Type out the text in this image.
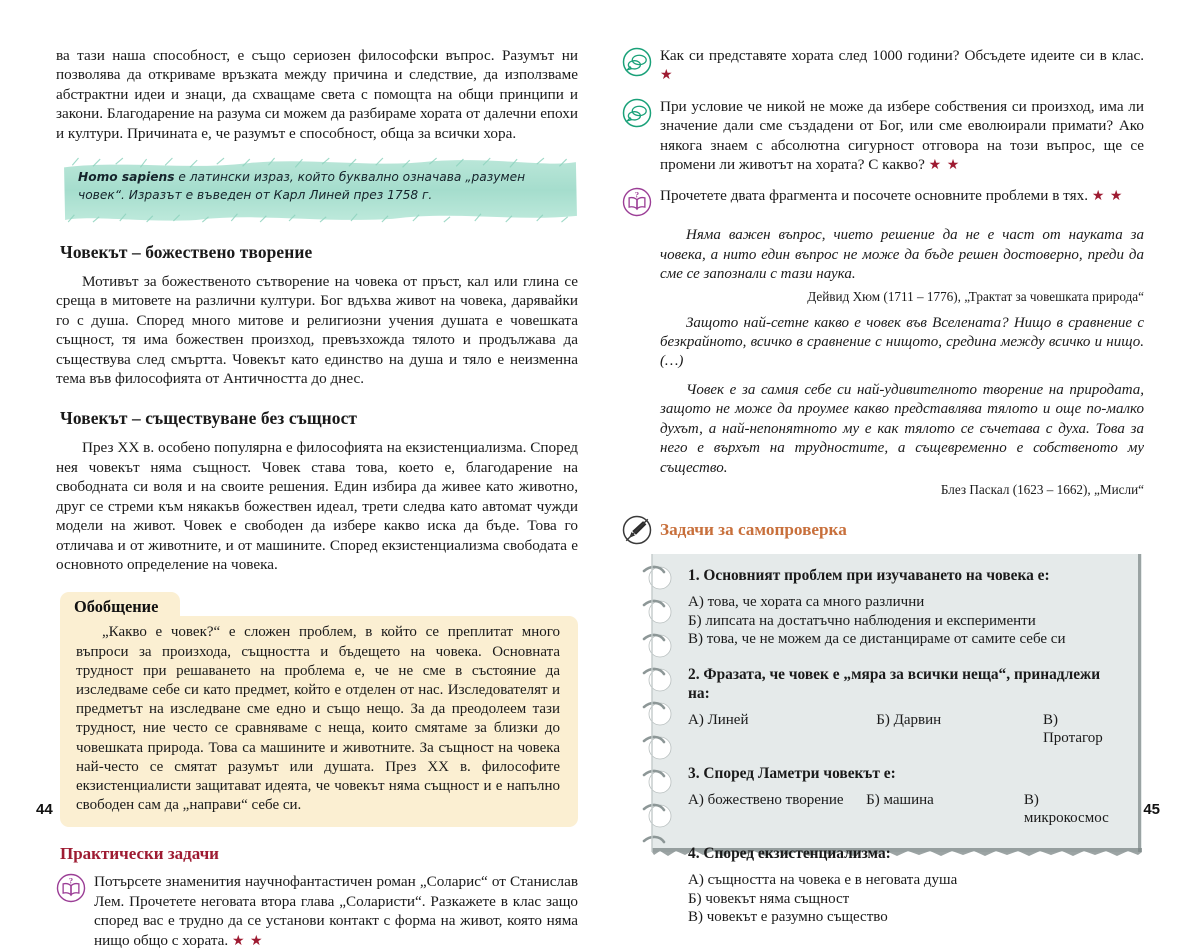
ва тази наша способност, е също сериозен философски въпрос. Разумът ни позволява да откриваме връзката между причина и следствие, да използваме абстрактни идеи и знаци, да схващаме света с помощта на общи принципи и закони. Благодарение на разума си можем да разбираме хората от далечни епохи и култури. Причината е, че разумът е способност, обща за всички хора.

Homo sapiens е латински израз, който буквално означава „разумен човек“. Изразът е въведен от Карл Линей през 1758 г.
Човекът – божествено творение

Мотивът за божественото сътворение на човека от пръст, кал или глина се среща в митовете на различни култури. Бог вдъхва живот на човека, дарявайки го с душа. Според много митове и религиозни учения душата е човешката същност, тя има божествен произход, превъзхожда тялото и продължава да съществува след смъртта. Човекът като единство на душа и тяло е неизменна тема във философията от Античността до днес.

Човекът – съществуване без същност

През XX в. особено популярна е философията на екзистенциализма. Според нея човекът няма същност. Човек става това, което е, благодарение на свободната си воля и на своите решения. Един избира да живее като животно, друг се стреми към някакъв божествен идеал, трети следва като автомат чужди модели на живот. Човек е свободен да избере какво иска да бъде. Това го отличава и от животните, и от машините. Според екзистенциализма свободата е основното определение на човека.

Обобщение

„Какво е човек?“ е сложен проблем, в който се преплитат много въпроси за произхода, същността и бъдещето на човека. Основната трудност при решаването на проблема е, че не сме в състояние да изследваме себе си като предмет, който е отделен от нас. Изследователят и предметът на изследване сме едно и също нещо. За да преодолеем тази трудност, ние често се сравняваме с неща, които смятаме за близки до човешката природа. Това са машините и животните. За същност на човека най-често се смятат разумът или душата. През XX в. философите екзистенциалисти защитават идеята, че човекът няма същност и е напълно свободен сам да „направи“ себе си.

Практически задачи
? Потърсете знаменития научнофантастичен роман „Соларис“ от Станислав Лем. Прочетете неговата втора глава „Соларисти“. Разкажете в клас защо според вас е трудно да се установи контакт с форма на живот, която няма нищо общо с хората. ★ ★
44
Как си представяте хората след 1000 години? Обсъдете идеите си в клас. ★
При условие че никой не може да избере собствения си произход, има ли значение дали сме създадени от Бог, или сме еволюирали примати? Ако някога знаем с абсолютна сигурност отговора на този въпрос, ще се промени ли животът на хората? С какво? ★ ★
? Прочетете двата фрагмента и посочете основните проблеми в тях. ★ ★
Няма важен въпрос, чието решение да не е част от науката за човека, а нито един въпрос не може да бъде решен достоверно, преди да сме се запознали с тази наука.
Дейвид Хюм (1711 – 1776), „Трактат за човешката природа“
Защото най-сетне какво е човек във Вселената? Нищо в сравнение с безкрайното, всичко в сравнение с нищото, средина между всичко и нищо. (…)
Човек е за самия себе си най-удивителното творение на природата, защото не може да проумее какво представлява тялото и още по-малко духът, а най-непонятното му е как тялото се съчетава с духа. Това за него е върхът на трудностите, а същевременно е собственото му същество.
Блез Паскал (1623 – 1662), „Мисли“
Задачи за самопроверка
1. Основният проблем при изучаването на човека е:
А) това, че хората са много различни
Б) липсата на достатъчно наблюдения и експерименти
В) това, че не можем да се дистанцираме от самите себе си
2. Фразата, че човек е „мяра за всички неща“, принадлежи на:
А) Линей	Б) Дарвин	В) Протагор
3. Според Ламетри човекът е:
А) божествено творение	Б) машина	В) микрокосмос
4. Според екзистенциализма:
А) същността на човека е в неговата душа
Б) човекът няма същност
В) човекът е разумно същество
45
